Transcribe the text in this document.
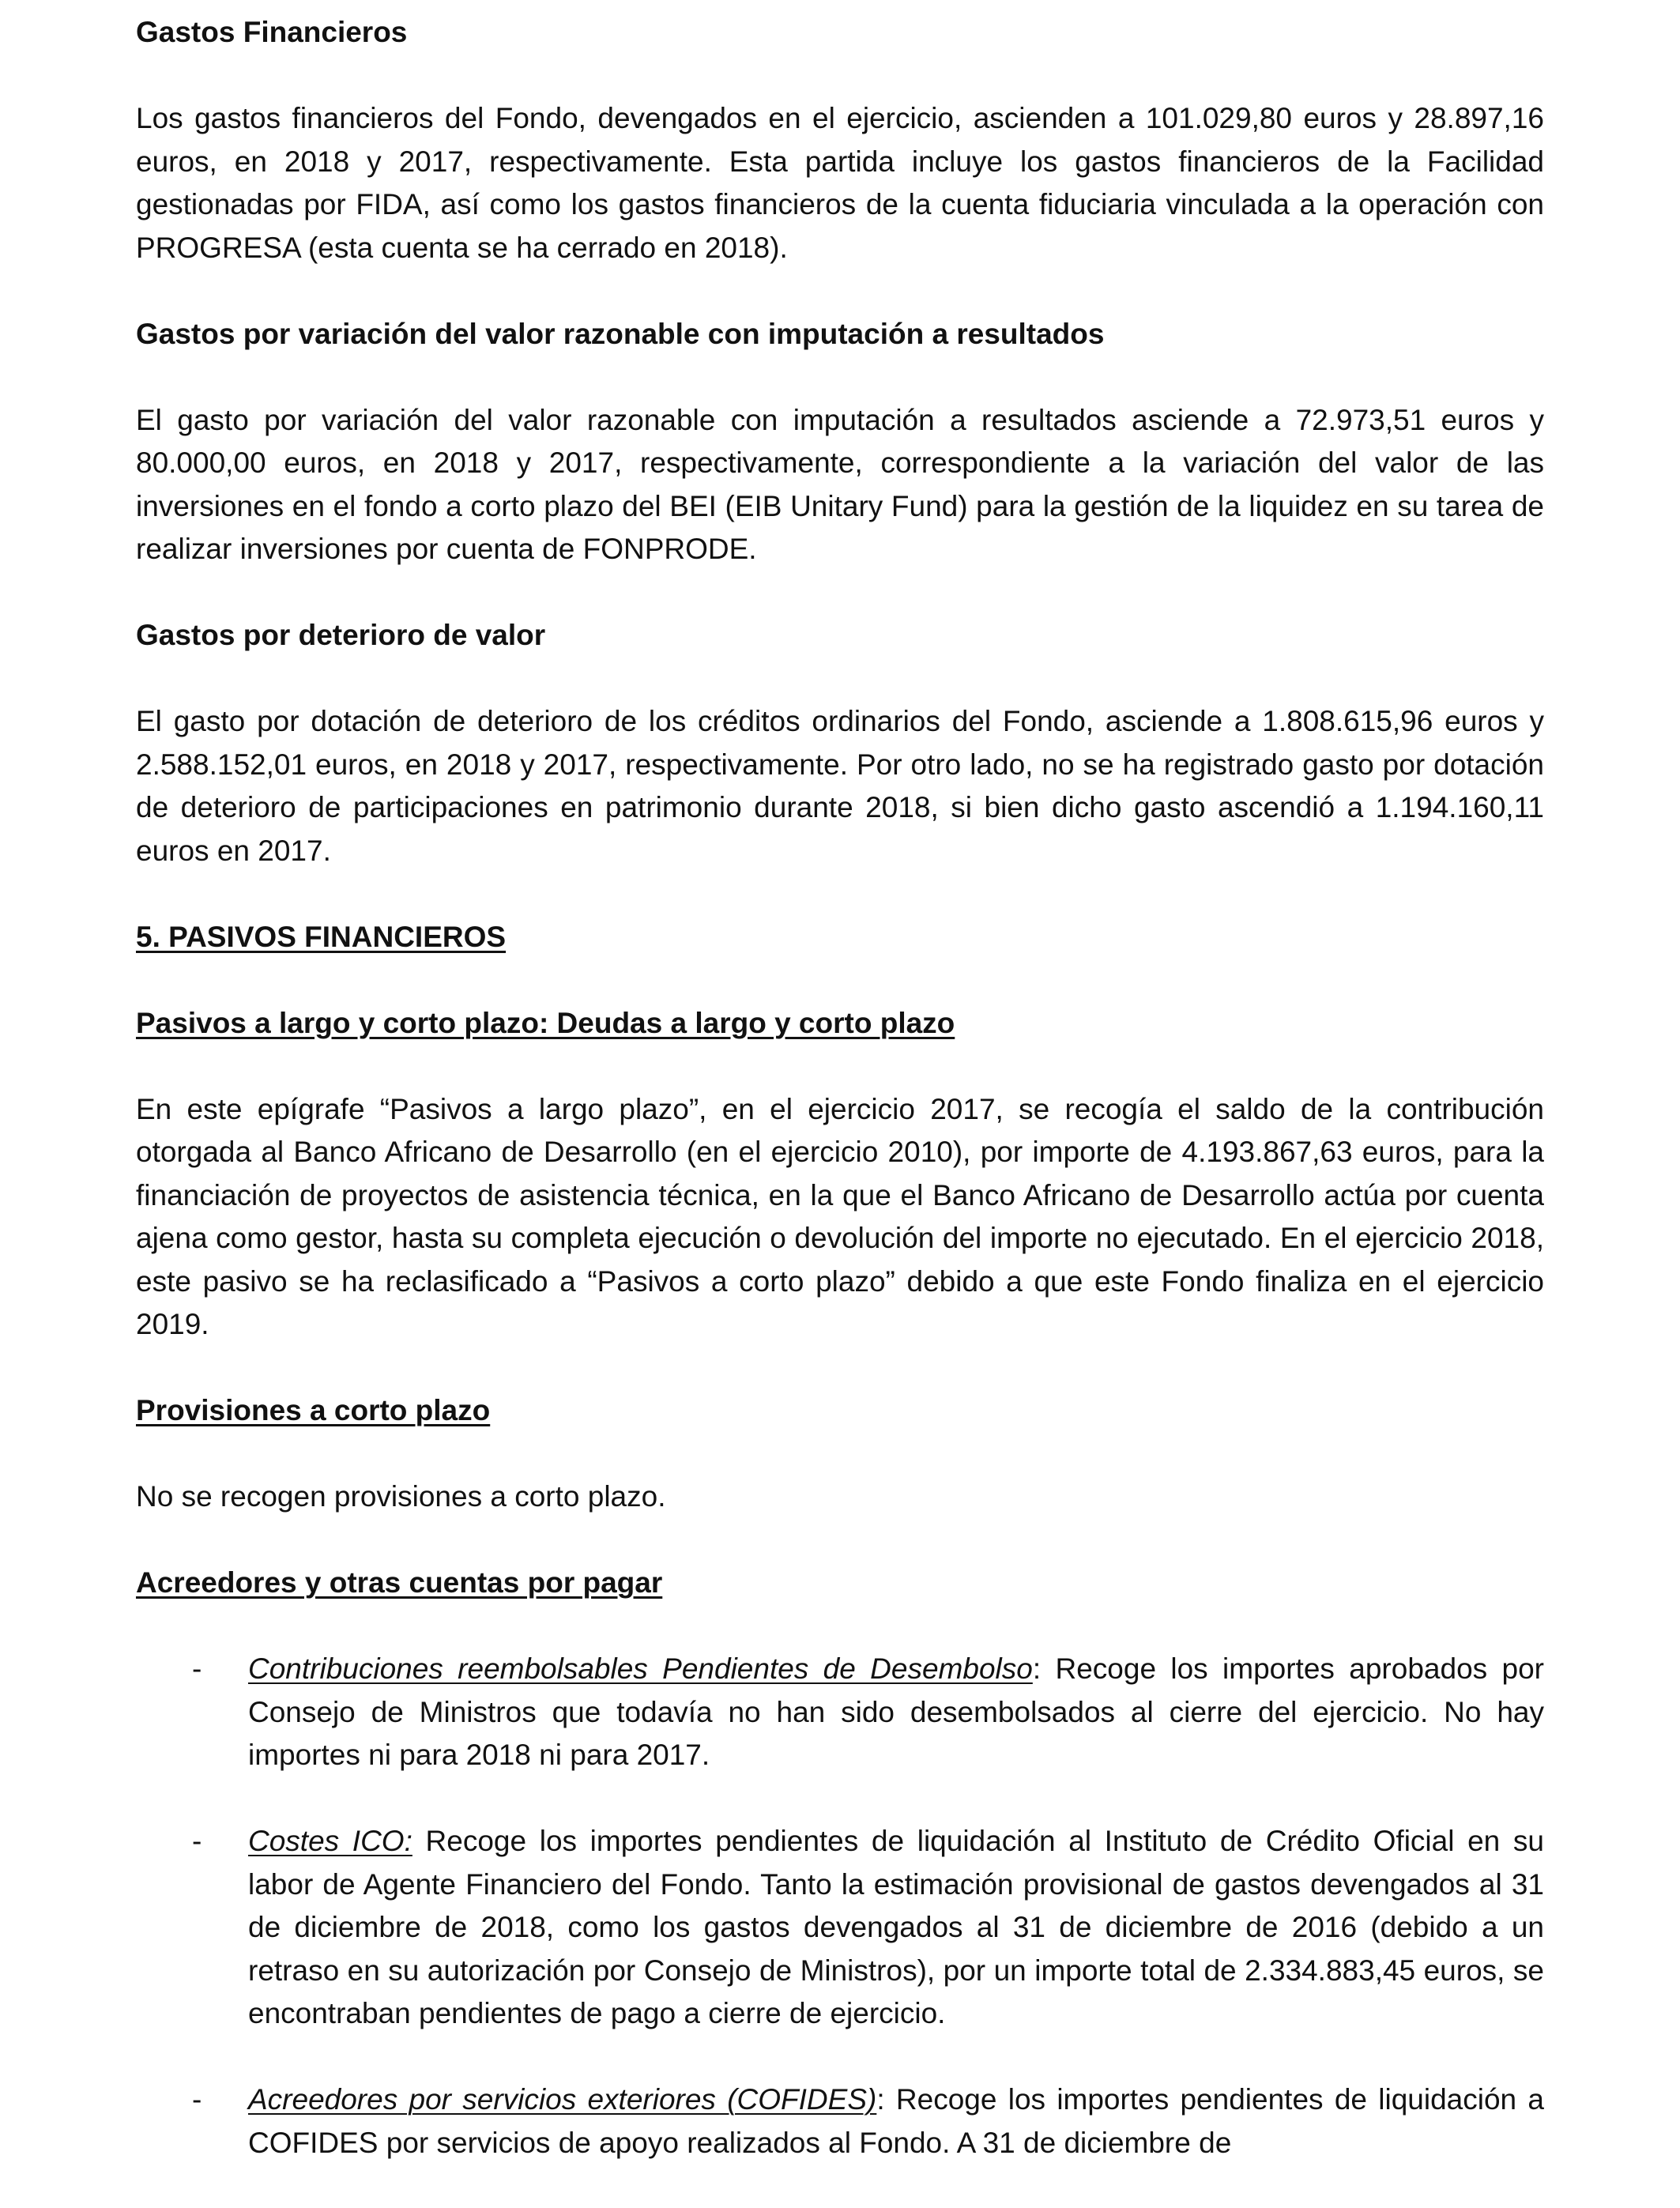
Gastos Financieros
Los gastos financieros del Fondo, devengados en el ejercicio, ascienden a 101.029,80 euros y 28.897,16 euros, en 2018 y 2017, respectivamente. Esta partida incluye los gastos financieros de la Facilidad gestionadas por FIDA, así como los gastos financieros de la cuenta fiduciaria vinculada a la operación con PROGRESA (esta cuenta se ha cerrado en 2018).
Gastos por variación del valor razonable con imputación a resultados
El gasto por variación del valor razonable con imputación a resultados asciende a 72.973,51 euros y 80.000,00 euros, en 2018 y 2017, respectivamente, correspondiente a la variación del valor de las inversiones en el fondo a corto plazo del BEI (EIB Unitary Fund) para la gestión de la liquidez en su tarea de realizar inversiones por cuenta de FONPRODE.
Gastos por deterioro de valor
El gasto por dotación de deterioro de los créditos ordinarios del Fondo, asciende a 1.808.615,96 euros y 2.588.152,01 euros, en 2018 y 2017, respectivamente. Por otro lado, no se ha registrado gasto por dotación de deterioro de participaciones en patrimonio durante 2018, si bien dicho gasto ascendió a 1.194.160,11 euros en 2017.
5. PASIVOS FINANCIEROS
Pasivos a largo y corto plazo: Deudas a largo y corto plazo
En este epígrafe “Pasivos a largo plazo”, en el ejercicio 2017, se recogía el saldo de la contribución otorgada al Banco Africano de Desarrollo (en el ejercicio 2010), por importe de 4.193.867,63 euros, para la financiación de proyectos de asistencia técnica, en la que el Banco Africano de Desarrollo actúa por cuenta ajena como gestor, hasta su completa ejecución o devolución del importe no ejecutado. En el ejercicio 2018, este pasivo se ha reclasificado a “Pasivos a corto plazo” debido a que este Fondo finaliza en el ejercicio 2019.
Provisiones a corto plazo
No se recogen provisiones a corto plazo.
Acreedores y otras cuentas por pagar
- Contribuciones reembolsables Pendientes de Desembolso: Recoge los importes aprobados por Consejo de Ministros que todavía no han sido desembolsados al cierre del ejercicio. No hay importes ni para 2018 ni para 2017.
- Costes ICO: Recoge los importes pendientes de liquidación al Instituto de Crédito Oficial en su labor de Agente Financiero del Fondo. Tanto la estimación provisional de gastos devengados al 31 de diciembre de 2018, como los gastos devengados al 31 de diciembre de 2016 (debido a un retraso en su autorización por Consejo de Ministros), por un importe total de 2.334.883,45 euros, se encontraban pendientes de pago a cierre de ejercicio.
- Acreedores por servicios exteriores (COFIDES): Recoge los importes pendientes de liquidación a COFIDES por servicios de apoyo realizados al Fondo. A 31 de diciembre de
